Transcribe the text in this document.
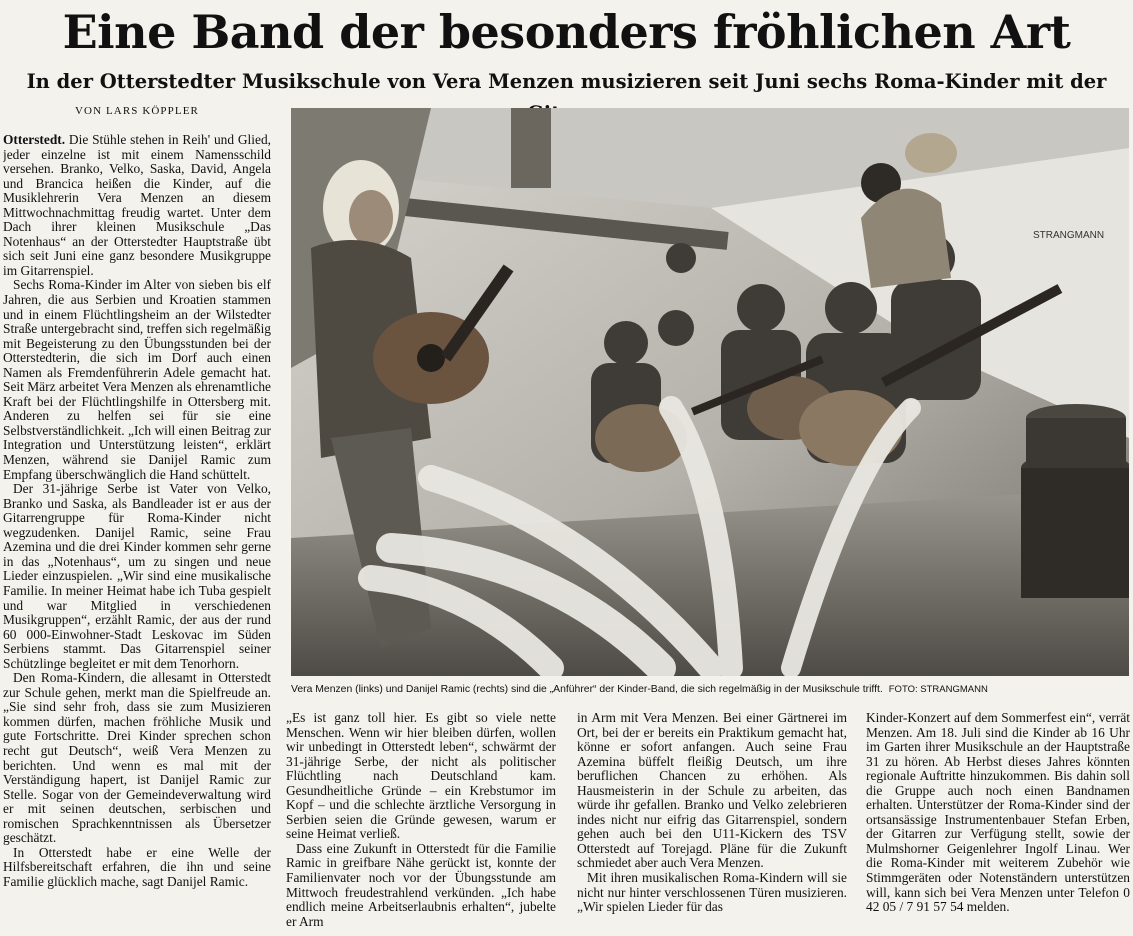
Eine Band der besonders fröhlichen Art
In der Otterstedter Musikschule von Vera Menzen musizieren seit Juni sechs Roma-Kinder mit der
VON LARS KÖPPLER

Otterstedt. Die Stühle stehen in Reih' und Glied, jeder einzelne ist mit einem Namensschild versehen. Branko, Velko, Saska, David, Angela und Brancica heißen die Kinder, auf die Musiklehrerin Vera Menzen an diesem Mittwochnachmittag freudig wartet. Unter dem Dach ihrer kleinen Musikschule „Das Notenhaus“ an der Otterstedter Hauptstraße übt sich seit Juni eine ganz besondere Musikgruppe im Gitarrenspiel.

Sechs Roma-Kinder im Alter von sieben bis elf Jahren, die aus Serbien und Kroatien stammen und in einem Flüchtlingsheim an der Wilstedter Straße untergebracht sind, treffen sich regelmäßig mit Begeisterung zu den Übungsstunden bei der Otterstedterin, die sich im Dorf auch einen Namen als Fremdenführerin Adele gemacht hat. Seit März arbeitet Vera Menzen als ehrenamtliche Kraft bei der Flüchtlingshilfe in Ottersberg mit. Anderen zu helfen sei für sie eine Selbstverständlichkeit. „Ich will einen Beitrag zur Integration und Unterstützung leisten“, erklärt Menzen, während sie Danijel Ramic zum Empfang überschwänglich die Hand schüttelt.

Der 31-jährige Serbe ist Vater von Velko, Branko und Saska, als Bandleader ist er aus der Gitarrengruppe für Roma-Kinder nicht wegzudenken. Danijel Ramic, seine Frau Azemina und die drei Kinder kommen sehr gerne in das „Notenhaus“, um zu singen und neue Lieder einzuspielen. „Wir sind eine musikalische Familie. In meiner Heimat habe ich Tuba gespielt und war Mitglied in verschiedenen Musikgruppen“, erzählt Ramic, der aus der rund 60 000-Einwohner-Stadt Leskovac im Süden Serbiens stammt. Das Gitarrenspiel seiner Schützlinge begleitet er mit dem Tenorhorn.

Den Roma-Kindern, die allesamt in Otterstedt zur Schule gehen, merkt man die Spielfreude an. „Sie sind sehr froh, dass sie zum Musizieren kommen dürfen, machen fröhliche Musik und gute Fortschritte. Drei Kinder sprechen schon recht gut Deutsch“, weiß Vera Menzen zu berichten. Und wenn es mal mit der Verständigung hapert, ist Danijel Ramic zur Stelle. Sogar von der Gemeindeverwaltung wird er mit seinen deutschen, serbischen und romischen Sprachkenntnissen als Übersetzer geschätzt.

In Otterstedt habe er eine Welle der Hilfsbereitschaft erfahren, die ihn und seine Familie glücklich mache, sagt Danijel Ramic.

STRANGMANN
Vera Menzen (links) und Danijel Ramic (rechts) sind die „Anführer“ der Kinder-Band, die sich regelmäßig in der Musikschule trifft. FOTO: STRANGMANN

„Es ist ganz toll hier. Es gibt so viele nette Menschen. Wenn wir hier bleiben dürfen, wollen wir unbedingt in Otterstedt leben“, schwärmt der 31-jährige Serbe, der nicht als politischer Flüchtling nach Deutschland kam. Gesundheitliche Gründe – ein Krebstumor im Kopf – und die schlechte ärztliche Versorgung in Serbien seien die Gründe gewesen, warum er seine Heimat verließ.

Dass eine Zukunft in Otterstedt für die Familie Ramic in greifbare Nähe gerückt ist, konnte der Familienvater noch vor der Übungsstunde am Mittwoch freudestrahlend verkünden. „Ich habe endlich meine Arbeitserlaubnis erhalten“, jubelte er Arm

in Arm mit Vera Menzen. Bei einer Gärtnerei im Ort, bei der er bereits ein Praktikum gemacht hat, könne er sofort anfangen. Auch seine Frau Azemina büffelt fleißig Deutsch, um ihre beruflichen Chancen zu erhöhen. Als Hausmeisterin in der Schule zu arbeiten, das würde ihr gefallen. Branko und Velko zelebrieren indes nicht nur eifrig das Gitarrenspiel, sondern gehen auch bei den U11-Kickern des TSV Otterstedt auf Torejagd. Pläne für die Zukunft schmiedet aber auch Vera Menzen.

Mit ihren musikalischen Roma-Kindern will sie nicht nur hinter verschlossenen Türen musizieren. „Wir spielen Lieder für das

Kinder-Konzert auf dem Sommerfest ein“, verrät Menzen. Am 18. Juli sind die Kinder ab 16 Uhr im Garten ihrer Musikschule an der Hauptstraße 31 zu hören. Ab Herbst dieses Jahres könnten regionale Auftritte hinzukommen. Bis dahin soll die Gruppe auch noch einen Bandnamen erhalten. Unterstützer der Roma-Kinder sind der ortsansässige Instrumentenbauer Stefan Erben, der Gitarren zur Verfügung stellt, sowie der Mulmshorner Geigenlehrer Ingolf Linau. Wer die Roma-Kinder mit weiterem Zubehör wie Stimmgeräten oder Notenständern unterstützen will, kann sich bei Vera Menzen unter Telefon 0 42 05 / 7 91 57 54 melden.
